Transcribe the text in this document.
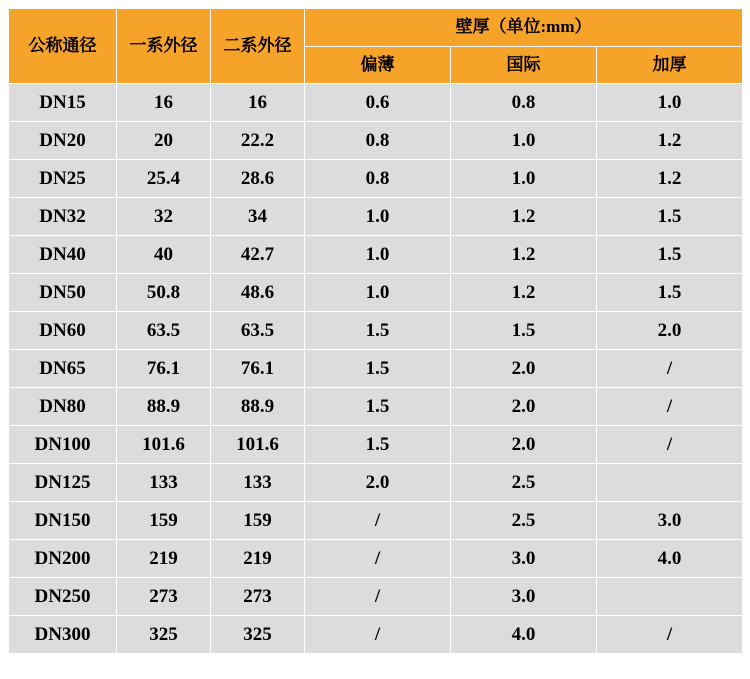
公称通径	一系外径	二系外径	壁厚（单位:mm）		
			偏薄	国际	加厚
DN15	16	16	0.6	0.8	1.0
DN20	20	22.2	0.8	1.0	1.2
DN25	25.4	28.6	0.8	1.0	1.2
DN32	32	34	1.0	1.2	1.5
DN40	40	42.7	1.0	1.2	1.5
DN50	50.8	48.6	1.0	1.2	1.5
DN60	63.5	63.5	1.5	1.5	2.0
DN65	76.1	76.1	1.5	2.0	/
DN80	88.9	88.9	1.5	2.0	/
DN100	101.6	101.6	1.5	2.0	/
DN125	133	133	2.0	2.5	
DN150	159	159	/	2.5	3.0
DN200	219	219	/	3.0	4.0
DN250	273	273	/	3.0	
DN300	325	325	/	4.0	/
